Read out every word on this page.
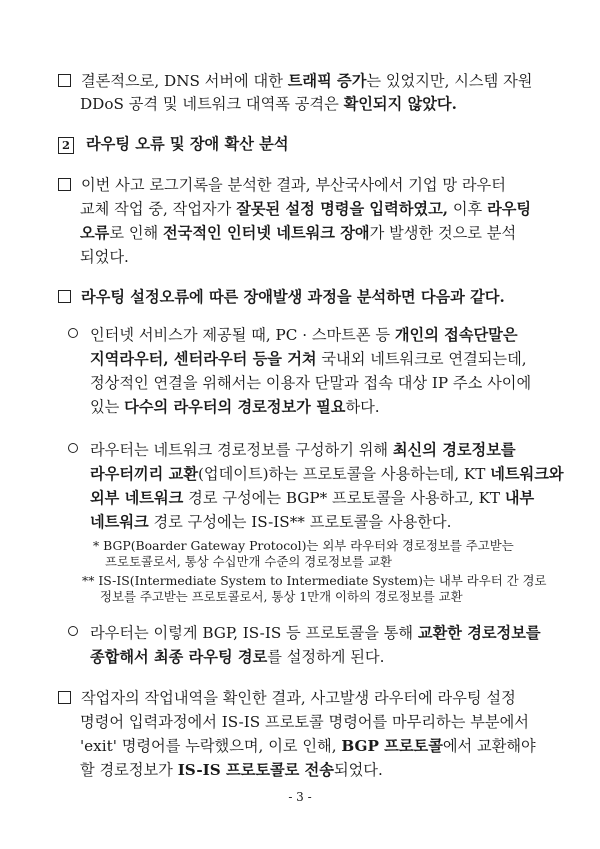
결론적으로, DNS 서버에 대한 트래픽 증가는 있었지만, 시스템 자원
DDoS 공격 및 네트워크 대역폭 공격은 확인되지 않았다.
2 라우팅 오류 및 장애 확산 분석
이번 사고 로그기록을 분석한 결과, 부산국사에서 기업 망 라우터
교체 작업 중, 작업자가 잘못된 설정 명령을 입력하였고, 이후 라우팅
오류로 인해 전국적인 인터넷 네트워크 장애가 발생한 것으로 분석
되었다.
라우팅 설정오류에 따른 장애발생 과정을 분석하면 다음과 같다.
인터넷 서비스가 제공될 때, PC · 스마트폰 등 개인의 접속단말은
지역라우터, 센터라우터 등을 거쳐 국내외 네트워크로 연결되는데,
정상적인 연결을 위해서는 이용자 단말과 접속 대상 IP 주소 사이에
있는 다수의 라우터의 경로정보가 필요하다.
라우터는 네트워크 경로정보를 구성하기 위해 최신의 경로정보를
라우터끼리 교환(업데이트)하는 프로토콜을 사용하는데, KT 네트워크와
외부 네트워크 경로 구성에는 BGP* 프로토콜을 사용하고, KT 내부
네트워크 경로 구성에는 IS-IS** 프로토콜을 사용한다.
* BGP(Boarder Gateway Protocol)는 외부 라우터와 경로정보를 주고받는
프로토콜로서, 통상 수십만개 수준의 경로정보를 교환
** IS-IS(Intermediate System to Intermediate System)는 내부 라우터 간 경로
정보를 주고받는 프로토콜로서, 통상 1만개 이하의 경로정보를 교환
라우터는 이렇게 BGP, IS-IS 등 프로토콜을 통해 교환한 경로정보를
종합해서 최종 라우팅 경로를 설정하게 된다.
작업자의 작업내역을 확인한 결과, 사고발생 라우터에 라우팅 설정
명령어 입력과정에서 IS-IS 프로토콜 명령어를 마무리하는 부분에서
'exit' 명령어를 누락했으며, 이로 인해, BGP 프로토콜에서 교환해야
할 경로정보가 IS-IS 프로토콜로 전송되었다.
- 3 -
